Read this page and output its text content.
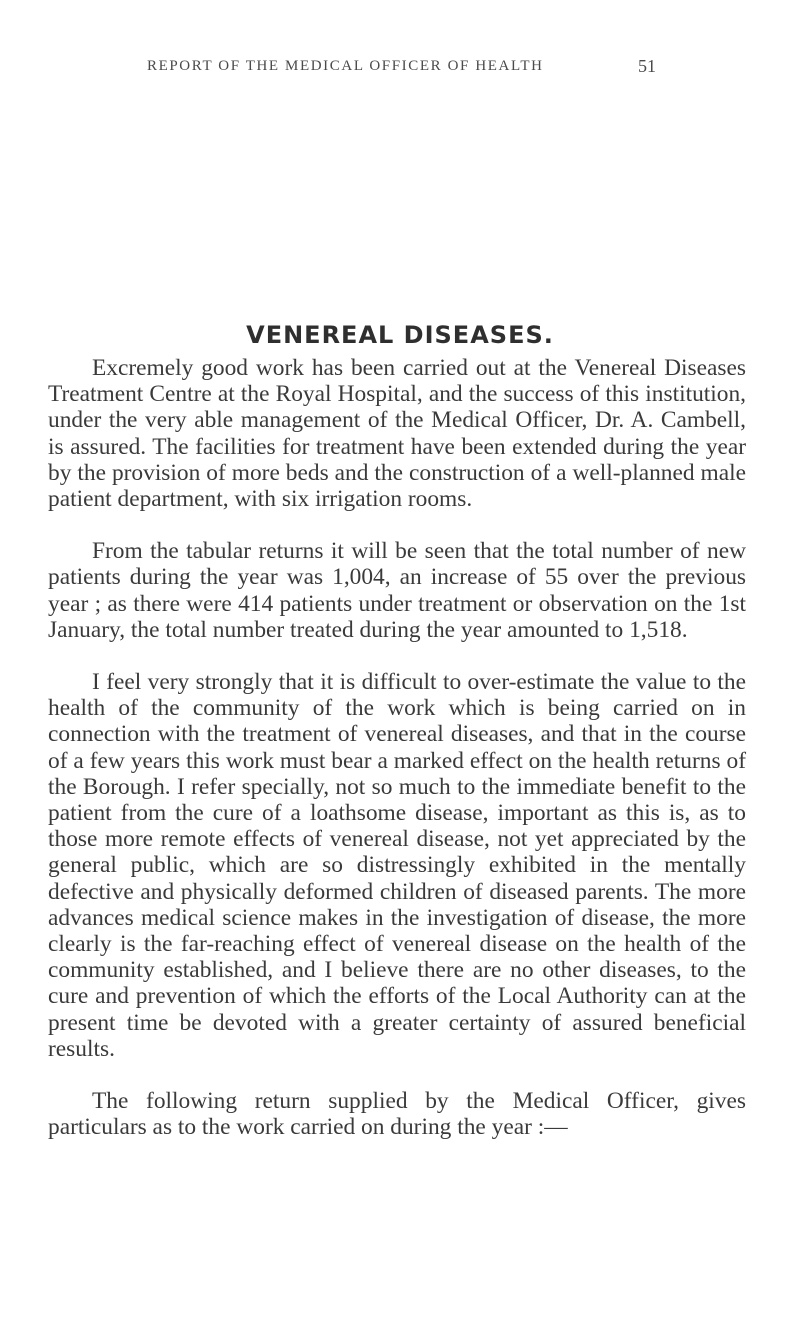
REPORT OF THE MEDICAL OFFICER OF HEALTH	51
VENEREAL DISEASES.

Excremely good work has been carried out at the Venereal Diseases Treatment Centre at the Royal Hospital, and the success of this institution, under the very able management of the Medical Officer, Dr. A. Cambell, is assured. The facilities for treatment have been extended during the year by the provision of more beds and the construction of a well-planned male patient department, with six irrigation rooms.

From the tabular returns it will be seen that the total number of new patients during the year was 1,004, an increase of 55 over the previous year ; as there were 414 patients under treatment or observation on the 1st January, the total number treated during the year amounted to 1,518.

I feel very strongly that it is difficult to over-estimate the value to the health of the community of the work which is being carried on in connection with the treatment of venereal diseases, and that in the course of a few years this work must bear a marked effect on the health returns of the Borough. I refer specially, not so much to the immediate benefit to the patient from the cure of a loathsome disease, important as this is, as to those more remote effects of venereal disease, not yet appreciated by the general public, which are so distressingly exhibited in the mentally defective and physically deformed children of diseased parents. The more advances medical science makes in the investigation of disease, the more clearly is the far-reaching effect of venereal disease on the health of the community established, and I believe there are no other diseases, to the cure and prevention of which the efforts of the Local Authority can at the present time be devoted with a greater certainty of assured beneficial results.

The following return supplied by the Medical Officer, gives particulars as to the work carried on during the year :—
